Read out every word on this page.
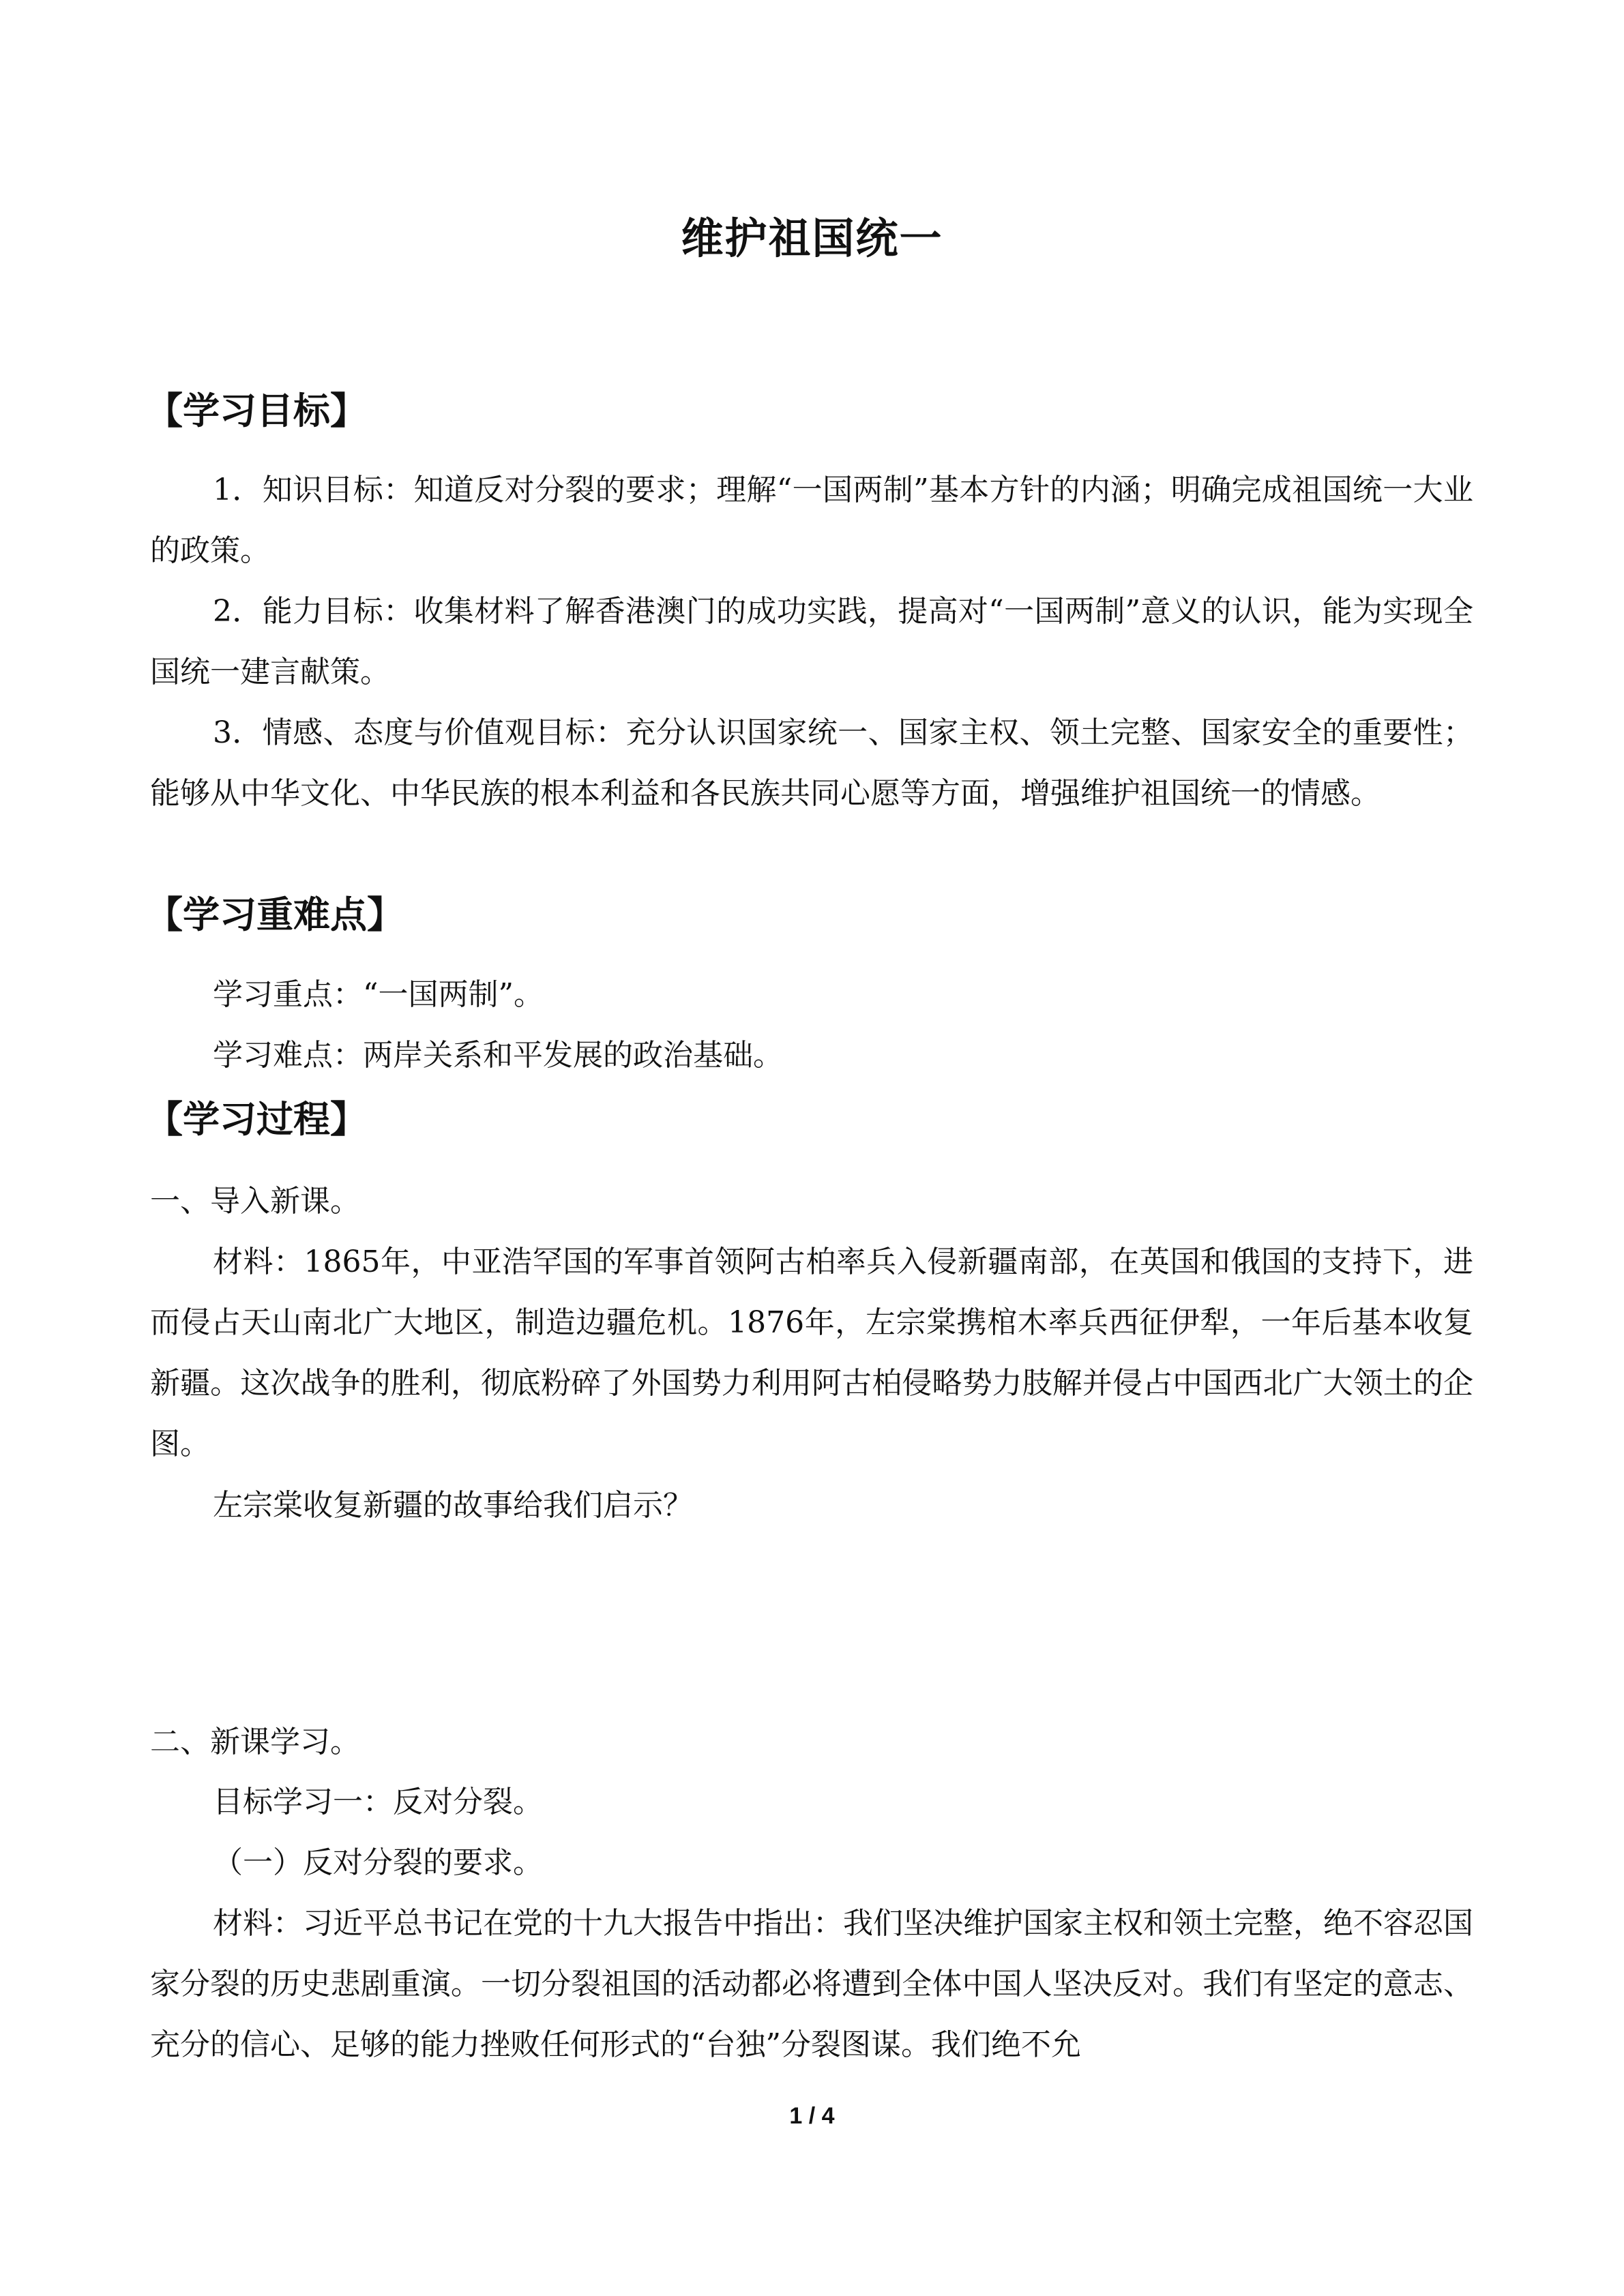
维护祖国统一
【学习目标】

1．知识目标：知道反对分裂的要求；理解“一国两制”基本方针的内涵；明确完成祖国统一大业的政策。

2．能力目标：收集材料了解香港澳门的成功实践，提高对“一国两制”意义的认识，能为实现全国统一建言献策。

3．情感、态度与价值观目标：充分认识国家统一、国家主权、领土完整、国家安全的重要性；能够从中华文化、中华民族的根本利益和各民族共同心愿等方面，增强维护祖国统一的情感。

【学习重难点】

学习重点：“一国两制”。

学习难点：两岸关系和平发展的政治基础。

【学习过程】

一、导入新课。

材料：1865年，中亚浩罕国的军事首领阿古柏率兵入侵新疆南部，在英国和俄国的支持下，进而侵占天山南北广大地区，制造边疆危机。1876年，左宗棠携棺木率兵西征伊犁，一年后基本收复新疆。这次战争的胜利，彻底粉碎了外国势力利用阿古柏侵略势力肢解并侵占中国西北广大领土的企图。

左宗棠收复新疆的故事给我们启示？

二、新课学习。

目标学习一：反对分裂。

（一）反对分裂的要求。

材料：习近平总书记在党的十九大报告中指出：我们坚决维护国家主权和领土完整，绝不容忍国家分裂的历史悲剧重演。一切分裂祖国的活动都必将遭到全体中国人坚决反对。我们有坚定的意志、充分的信心、足够的能力挫败任何形式的“台独”分裂图谋。我们绝不允

1 / 4
